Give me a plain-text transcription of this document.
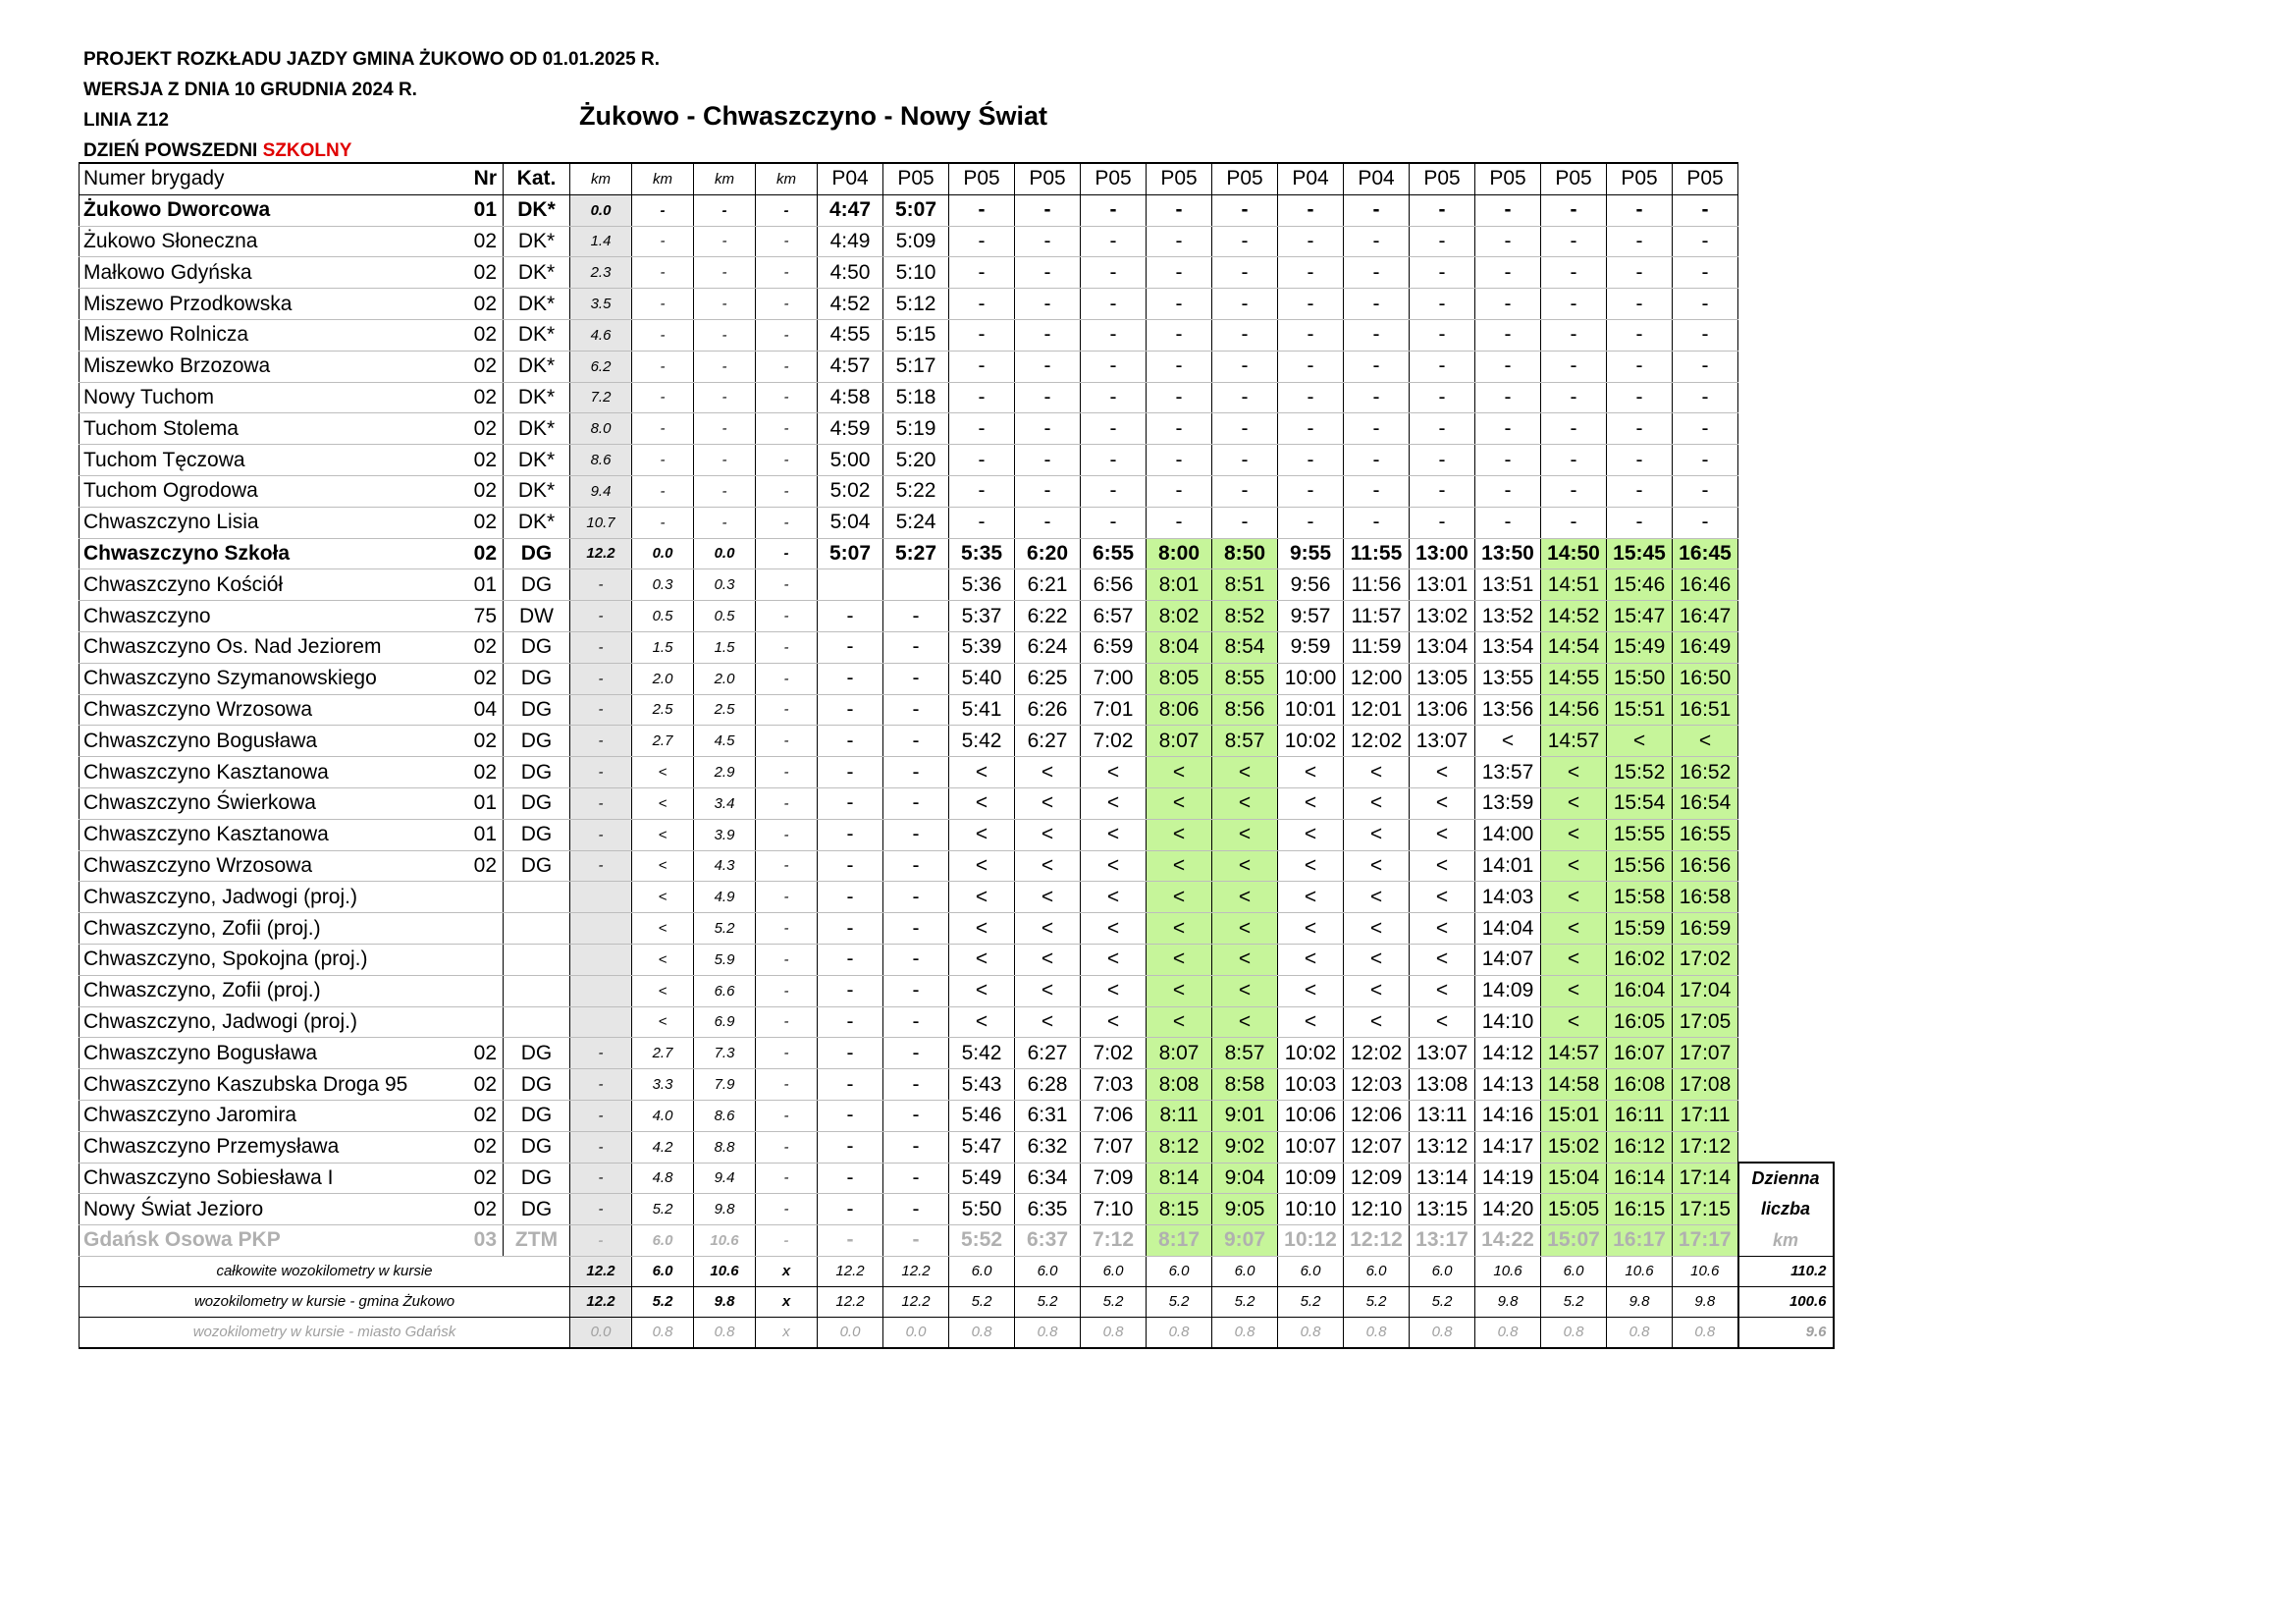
PROJEKT ROZKŁADU JAZDY GMINA ŻUKOWO OD 01.01.2025 R.
WERSJA Z DNIA 10 GRUDNIA 2024 R.
LINIA Z12
DZIEŃ POWSZEDNI SZKOLNY
Żukowo - Chwaszczyno - Nowy Świat
Numer brygady	Nr	Kat.	km	km	km	km	P04	P05	P05	P05	P05	P05	P05	P04	P04	P05	P05	P05	P05	P05	
Żukowo Dworcowa	01	DK*	0.0	-	-	-	4:47	5:07	-	-	-	-	-	-	-	-	-	-	-	-	
Żukowo Słoneczna	02	DK*	1.4	-	-	-	4:49	5:09	-	-	-	-	-	-	-	-	-	-	-	-	
Małkowo Gdyńska	02	DK*	2.3	-	-	-	4:50	5:10	-	-	-	-	-	-	-	-	-	-	-	-	
Miszewo Przodkowska	02	DK*	3.5	-	-	-	4:52	5:12	-	-	-	-	-	-	-	-	-	-	-	-	
Miszewo Rolnicza	02	DK*	4.6	-	-	-	4:55	5:15	-	-	-	-	-	-	-	-	-	-	-	-	
Miszewko Brzozowa	02	DK*	6.2	-	-	-	4:57	5:17	-	-	-	-	-	-	-	-	-	-	-	-	
Nowy Tuchom	02	DK*	7.2	-	-	-	4:58	5:18	-	-	-	-	-	-	-	-	-	-	-	-	
Tuchom Stolema	02	DK*	8.0	-	-	-	4:59	5:19	-	-	-	-	-	-	-	-	-	-	-	-	
Tuchom Tęczowa	02	DK*	8.6	-	-	-	5:00	5:20	-	-	-	-	-	-	-	-	-	-	-	-	
Tuchom Ogrodowa	02	DK*	9.4	-	-	-	5:02	5:22	-	-	-	-	-	-	-	-	-	-	-	-	
Chwaszczyno Lisia	02	DK*	10.7	-	-	-	5:04	5:24	-	-	-	-	-	-	-	-	-	-	-	-	
Chwaszczyno Szkoła	02	DG	12.2	0.0	0.0	-	5:07	5:27	5:35	6:20	6:55	8:00	8:50	9:55	11:55	13:00	13:50	14:50	15:45	16:45	
Chwaszczyno Kościół	01	DG	-	0.3	0.3	-			5:36	6:21	6:56	8:01	8:51	9:56	11:56	13:01	13:51	14:51	15:46	16:46	
Chwaszczyno	75	DW	-	0.5	0.5	-	-	-	5:37	6:22	6:57	8:02	8:52	9:57	11:57	13:02	13:52	14:52	15:47	16:47	
Chwaszczyno Os. Nad Jeziorem	02	DG	-	1.5	1.5	-	-	-	5:39	6:24	6:59	8:04	8:54	9:59	11:59	13:04	13:54	14:54	15:49	16:49	
Chwaszczyno Szymanowskiego	02	DG	-	2.0	2.0	-	-	-	5:40	6:25	7:00	8:05	8:55	10:00	12:00	13:05	13:55	14:55	15:50	16:50	
Chwaszczyno Wrzosowa	04	DG	-	2.5	2.5	-	-	-	5:41	6:26	7:01	8:06	8:56	10:01	12:01	13:06	13:56	14:56	15:51	16:51	
Chwaszczyno Bogusława	02	DG	-	2.7	4.5	-	-	-	5:42	6:27	7:02	8:07	8:57	10:02	12:02	13:07	<	14:57	<	<	
Chwaszczyno Kasztanowa	02	DG	-	<	2.9	-	-	-	<	<	<	<	<	<	<	<	13:57	<	15:52	16:52	
Chwaszczyno Świerkowa	01	DG	-	<	3.4	-	-	-	<	<	<	<	<	<	<	<	13:59	<	15:54	16:54	
Chwaszczyno Kasztanowa	01	DG	-	<	3.9	-	-	-	<	<	<	<	<	<	<	<	14:00	<	15:55	16:55	
Chwaszczyno Wrzosowa	02	DG	-	<	4.3	-	-	-	<	<	<	<	<	<	<	<	14:01	<	15:56	16:56	
Chwaszczyno, Jadwogi (proj.)				<	4.9	-	-	-	<	<	<	<	<	<	<	<	14:03	<	15:58	16:58	
Chwaszczyno, Zofii (proj.)				<	5.2	-	-	-	<	<	<	<	<	<	<	<	14:04	<	15:59	16:59	
Chwaszczyno, Spokojna (proj.)				<	5.9	-	-	-	<	<	<	<	<	<	<	<	14:07	<	16:02	17:02	
Chwaszczyno, Zofii (proj.)				<	6.6	-	-	-	<	<	<	<	<	<	<	<	14:09	<	16:04	17:04	
Chwaszczyno, Jadwogi (proj.)				<	6.9	-	-	-	<	<	<	<	<	<	<	<	14:10	<	16:05	17:05	
Chwaszczyno Bogusława	02	DG	-	2.7	7.3	-	-	-	5:42	6:27	7:02	8:07	8:57	10:02	12:02	13:07	14:12	14:57	16:07	17:07	
Chwaszczyno Kaszubska Droga 95	02	DG	-	3.3	7.9	-	-	-	5:43	6:28	7:03	8:08	8:58	10:03	12:03	13:08	14:13	14:58	16:08	17:08	
Chwaszczyno Jaromira	02	DG	-	4.0	8.6	-	-	-	5:46	6:31	7:06	8:11	9:01	10:06	12:06	13:11	14:16	15:01	16:11	17:11	
Chwaszczyno Przemysława	02	DG	-	4.2	8.8	-	-	-	5:47	6:32	7:07	8:12	9:02	10:07	12:07	13:12	14:17	15:02	16:12	17:12	
Chwaszczyno Sobiesława I	02	DG	-	4.8	9.4	-	-	-	5:49	6:34	7:09	8:14	9:04	10:09	12:09	13:14	14:19	15:04	16:14	17:14	Dzienna
Nowy Świat Jezioro	02	DG	-	5.2	9.8	-	-	-	5:50	6:35	7:10	8:15	9:05	10:10	12:10	13:15	14:20	15:05	16:15	17:15	liczba
Gdańsk Osowa PKP	03	ZTM	-	6.0	10.6	-	-	-	5:52	6:37	7:12	8:17	9:07	10:12	12:12	13:17	14:22	15:07	16:17	17:17	km
całkowite wozokilometry w kursie			12.2	6.0	10.6	x	12.2	12.2	6.0	6.0	6.0	6.0	6.0	6.0	6.0	6.0	10.6	6.0	10.6	10.6	110.2
wozokilometry w kursie - gmina Żukowo			12.2	5.2	9.8	x	12.2	12.2	5.2	5.2	5.2	5.2	5.2	5.2	5.2	5.2	9.8	5.2	9.8	9.8	100.6
wozokilometry w kursie - miasto Gdańsk			0.0	0.8	0.8	x	0.0	0.0	0.8	0.8	0.8	0.8	0.8	0.8	0.8	0.8	0.8	0.8	0.8	0.8	9.6
